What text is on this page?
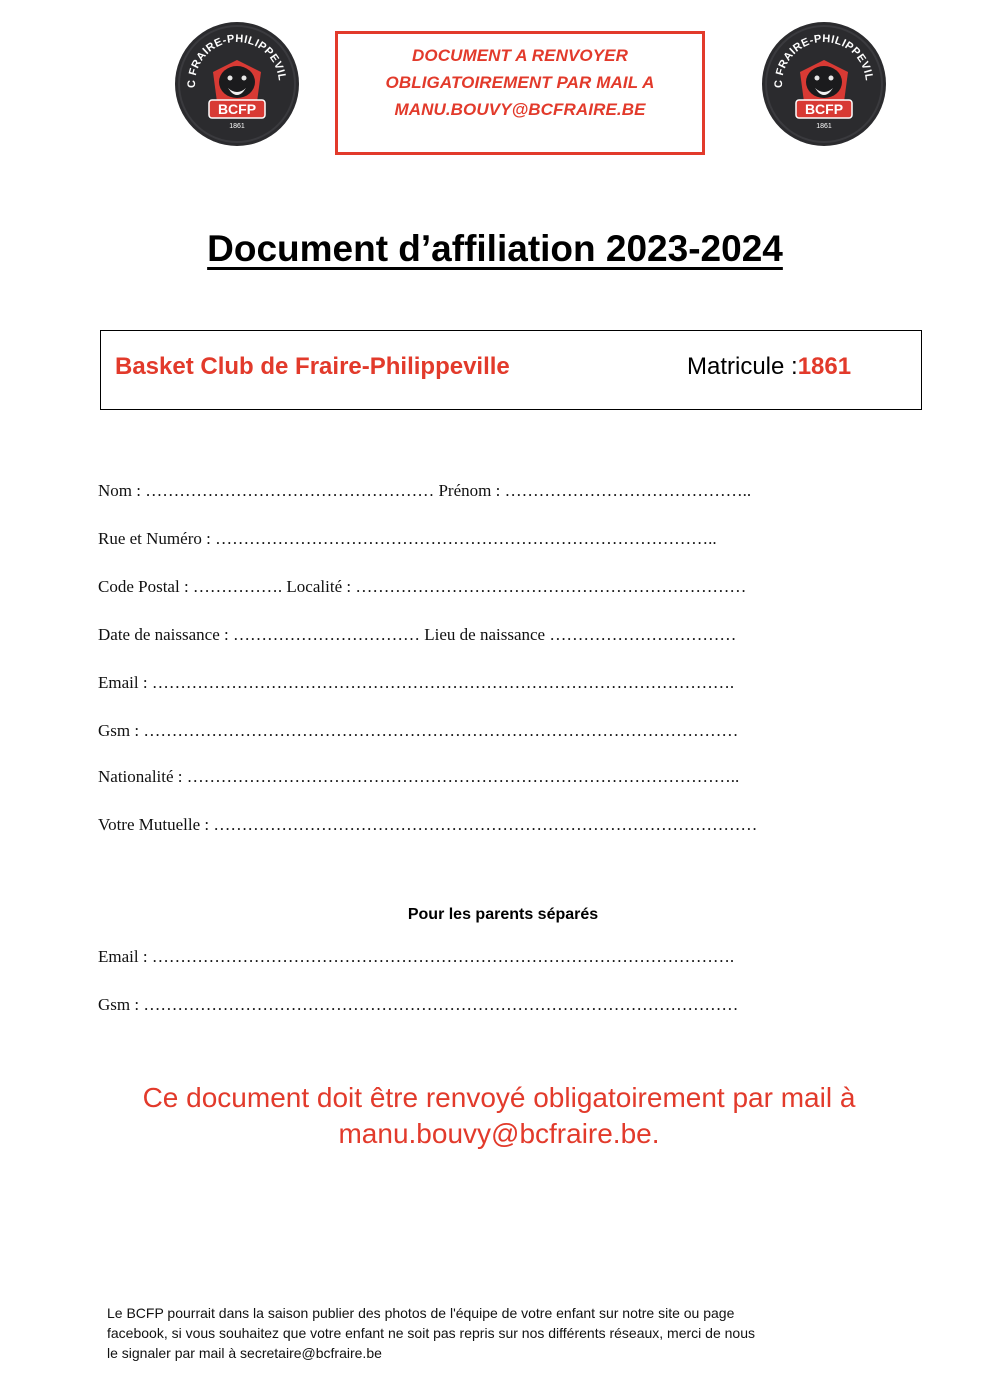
C FRAIRE-PHILIPPEVIL
BCFP
1861
DOCUMENT A RENVOYER
OBLIGATOIREMENT PAR MAIL A
MANU.BOUVY@BCFRAIRE.BE
C FRAIRE-PHILIPPEVIL
BCFP
1861
Document d’affiliation 2023-2024
Basket Club de Fraire-Philippeville	Matricule :1861
Nom : …………………………………………… Prénom : ……………………………………..
Rue et Numéro : ……………………………………………………………………………..
Code Postal : ……………. Localité : ……………………………………………………………
Date de naissance : …………………………… Lieu de naissance ……………………………
Email : ………………………………………………………………………………………….
Gsm : ……………………………………………………………………………………………
Nationalité : ……………………………………………………………………………………..
Votre Mutuelle : ……………………………………………………………………………………
Pour les parents séparés
Email : ………………………………………………………………………………………….
Gsm : ……………………………………………………………………………………………
Ce document doit être renvoyé obligatoirement par mail à
manu.bouvy@bcfraire.be.
Le BCFP pourrait dans la saison publier des photos de l'équipe de votre enfant sur notre site ou page
facebook, si vous souhaitez que votre enfant ne soit pas repris sur nos différents réseaux, merci de nous
le signaler par mail à secretaire@bcfraire.be
